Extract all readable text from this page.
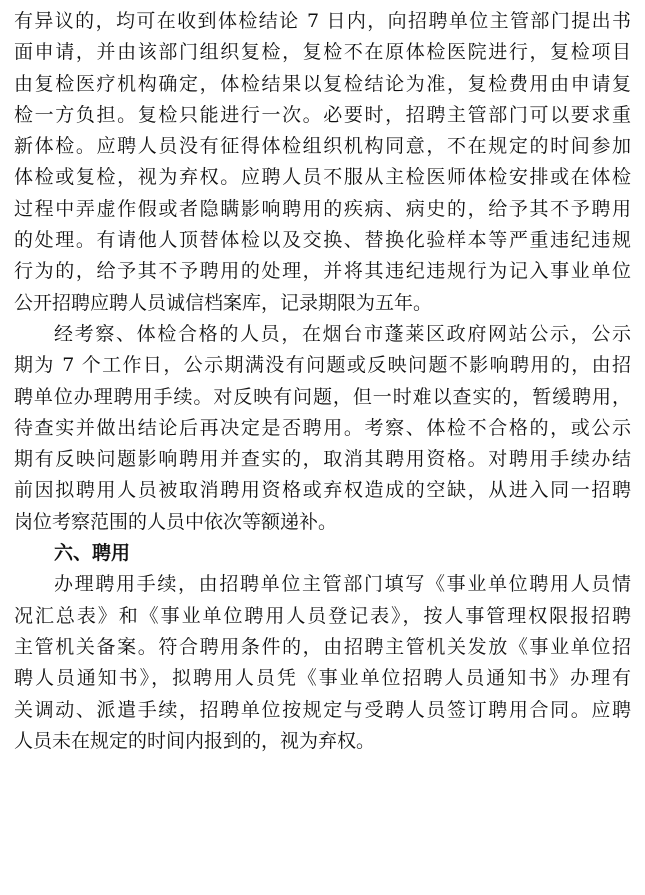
有异议的，均可在收到体检结论 7 日内，向招聘单位主管部门提出书
面申请，并由该部门组织复检，复检不在原体检医院进行，复检项目
由复检医疗机构确定，体检结果以复检结论为准，复检费用由申请复
检一方负担。复检只能进行一次。必要时，招聘主管部门可以要求重
新体检。应聘人员没有征得体检组织机构同意，不在规定的时间参加
体检或复检，视为弃权。应聘人员不服从主检医师体检安排或在体检
过程中弄虚作假或者隐瞒影响聘用的疾病、病史的，给予其不予聘用
的处理。有请他人顶替体检以及交换、替换化验样本等严重违纪违规
行为的，给予其不予聘用的处理，并将其违纪违规行为记入事业单位
公开招聘应聘人员诚信档案库，记录期限为五年。
经考察、体检合格的人员，在烟台市蓬莱区政府网站公示，公示
期为 7 个工作日，公示期满没有问题或反映问题不影响聘用的，由招
聘单位办理聘用手续。对反映有问题，但一时难以查实的，暂缓聘用，
待查实并做出结论后再决定是否聘用。考察、体检不合格的，或公示
期有反映问题影响聘用并查实的，取消其聘用资格。对聘用手续办结
前因拟聘用人员被取消聘用资格或弃权造成的空缺，从进入同一招聘
岗位考察范围的人员中依次等额递补。
六、聘用
办理聘用手续，由招聘单位主管部门填写《事业单位聘用人员情
况汇总表》和《事业单位聘用人员登记表》，按人事管理权限报招聘
主管机关备案。符合聘用条件的，由招聘主管机关发放《事业单位招
聘人员通知书》，拟聘用人员凭《事业单位招聘人员通知书》办理有
关调动、派遣手续，招聘单位按规定与受聘人员签订聘用合同。应聘
人员未在规定的时间内报到的，视为弃权。
